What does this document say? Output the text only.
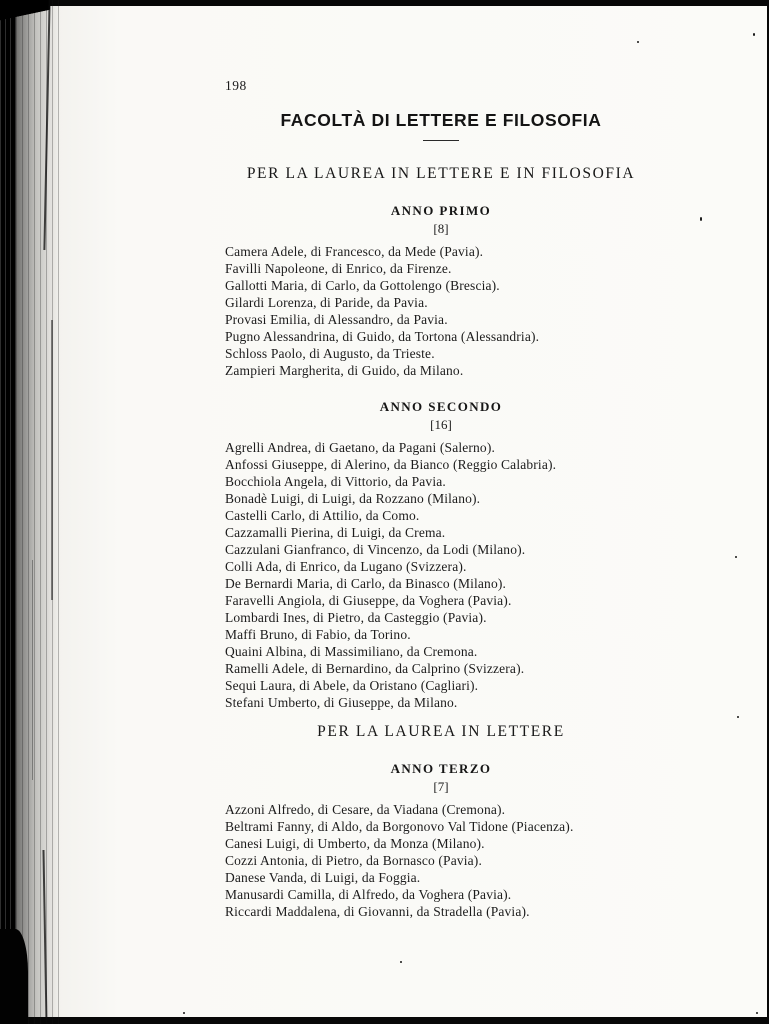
198
FACOLTÀ DI LETTERE E FILOSOFIA
PER LA LAUREA IN LETTERE E IN FILOSOFIA
ANNO PRIMO
[8]
Camera Adele, di Francesco, da Mede (Pavia).
Favilli Napoleone, di Enrico, da Firenze.
Gallotti Maria, di Carlo, da Gottolengo (Brescia).
Gilardi Lorenza, di Paride, da Pavia.
Provasi Emilia, di Alessandro, da Pavia.
Pugno Alessandrina, di Guido, da Tortona (Alessandria).
Schloss Paolo, di Augusto, da Trieste.
Zampieri Margherita, di Guido, da Milano.
ANNO SECONDO
[16]
Agrelli Andrea, di Gaetano, da Pagani (Salerno).
Anfossi Giuseppe, di Alerino, da Bianco (Reggio Calabria).
Bocchiola Angela, di Vittorio, da Pavia.
Bonadè Luigi, di Luigi, da Rozzano (Milano).
Castelli Carlo, di Attilio, da Como.
Cazzamalli Pierina, di Luigi, da Crema.
Cazzulani Gianfranco, di Vincenzo, da Lodi (Milano).
Colli Ada, di Enrico, da Lugano (Svizzera).
De Bernardi Maria, di Carlo, da Binasco (Milano).
Faravelli Angiola, di Giuseppe, da Voghera (Pavia).
Lombardi Ines, di Pietro, da Casteggio (Pavia).
Maffi Bruno, di Fabio, da Torino.
Quaini Albina, di Massimiliano, da Cremona.
Ramelli Adele, di Bernardino, da Calprino (Svizzera).
Sequi Laura, di Abele, da Oristano (Cagliari).
Stefani Umberto, di Giuseppe, da Milano.
PER LA LAUREA IN LETTERE
ANNO TERZO
[7]
Azzoni Alfredo, di Cesare, da Viadana (Cremona).
Beltrami Fanny, di Aldo, da Borgonovo Val Tidone (Piacenza).
Canesi Luigi, di Umberto, da Monza (Milano).
Cozzi Antonia, di Pietro, da Bornasco (Pavia).
Danese Vanda, di Luigi, da Foggia.
Manusardi Camilla, di Alfredo, da Voghera (Pavia).
Riccardi Maddalena, di Giovanni, da Stradella (Pavia).
